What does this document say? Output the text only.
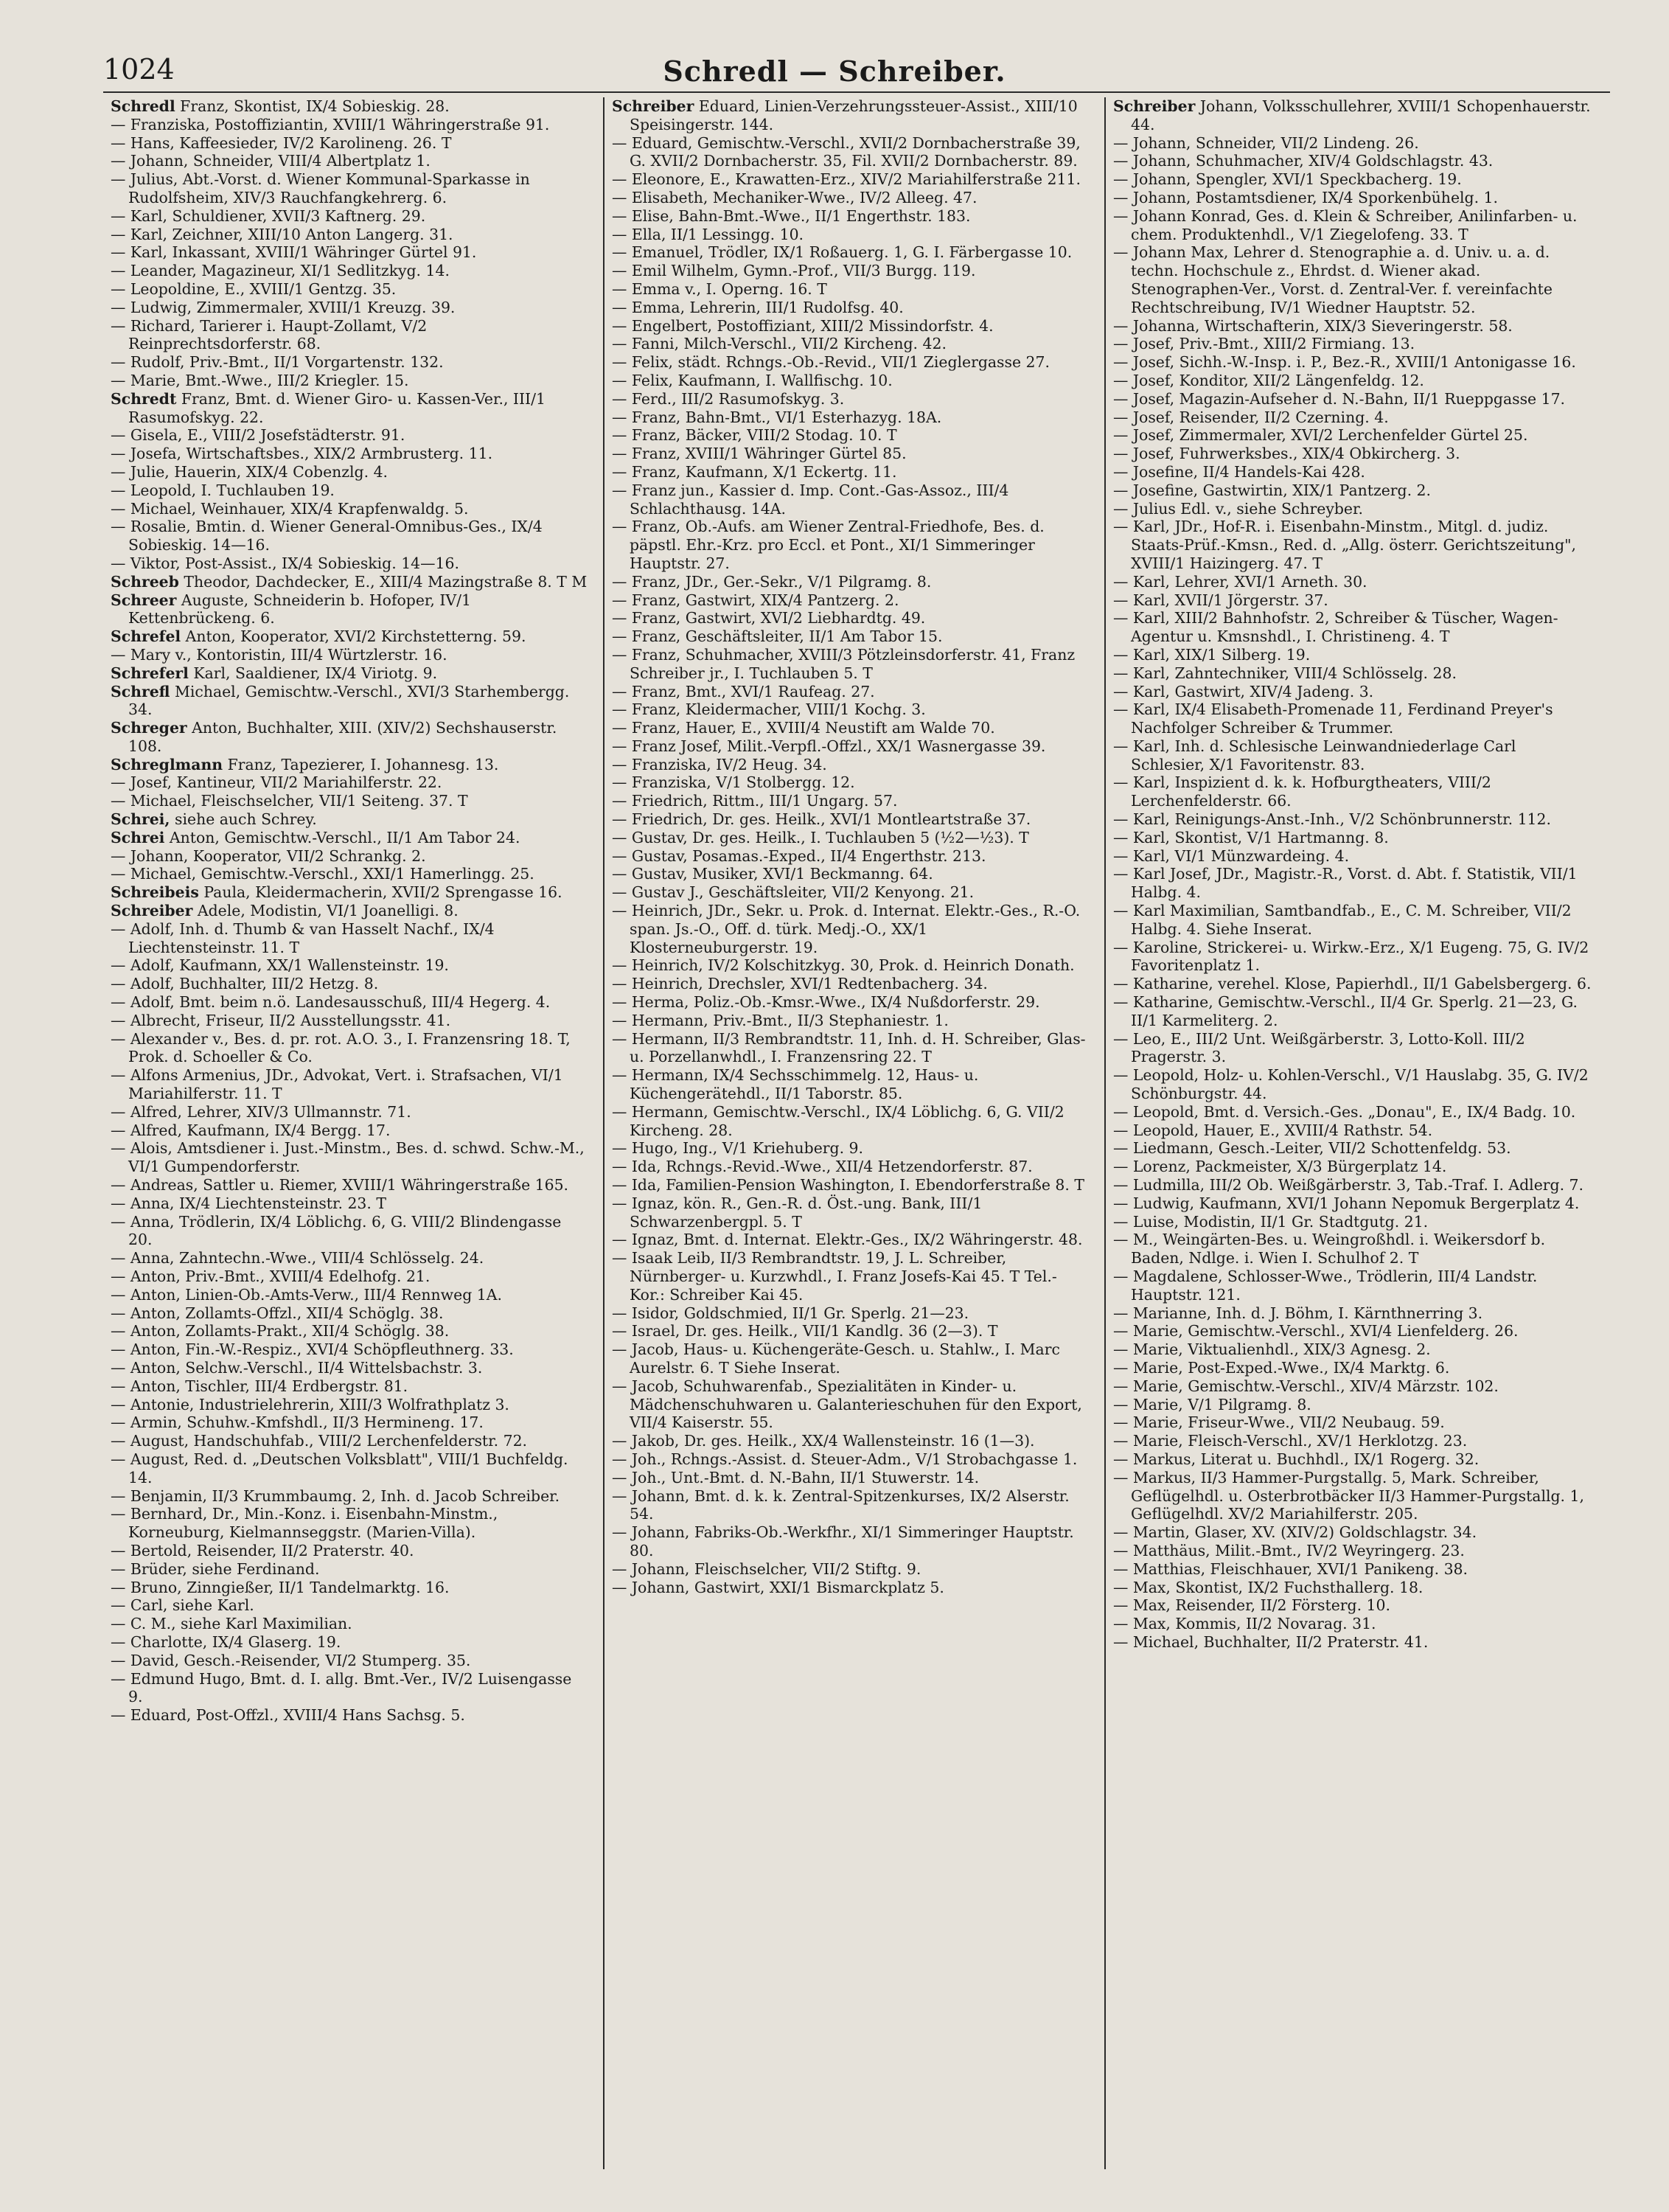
1024	Schredl — Schreiber.

Schredl Franz, Skontist, IX/4 Sobieskig. 28.

— Franziska, Postoffiziantin, XVIII/1 Währingerstraße 91.

— Hans, Kaffeesieder, IV/2 Karolineng. 26. T

— Johann, Schneider, VIII/4 Albertplatz 1.

— Julius, Abt.-Vorst. d. Wiener Kommunal-Sparkasse in Rudolfsheim, XIV/3 Rauchfangkehrerg. 6.

— Karl, Schuldiener, XVII/3 Kaftnerg. 29.

— Karl, Zeichner, XIII/10 Anton Langerg. 31.

— Karl, Inkassant, XVIII/1 Währinger Gürtel 91.

— Leander, Magazineur, XI/1 Sedlitzkyg. 14.

— Leopoldine, E., XVIII/1 Gentzg. 35.

— Ludwig, Zimmermaler, XVIII/1 Kreuzg. 39.

— Richard, Tarierer i. Haupt-Zollamt, V/2 Reinprechtsdorferstr. 68.

— Rudolf, Priv.-Bmt., II/1 Vorgartenstr. 132.

— Marie, Bmt.-Wwe., III/2 Kriegler. 15.

Schredt Franz, Bmt. d. Wiener Giro- u. Kassen-Ver., III/1 Rasumofskyg. 22.

— Gisela, E., VIII/2 Josefstädterstr. 91.

— Josefa, Wirtschaftsbes., XIX/2 Armbrusterg. 11.

— Julie, Hauerin, XIX/4 Cobenzlg. 4.

— Leopold, I. Tuchlauben 19.

— Michael, Weinhauer, XIX/4 Krapfenwaldg. 5.

— Rosalie, Bmtin. d. Wiener General-Omnibus-Ges., IX/4 Sobieskig. 14—16.

— Viktor, Post-Assist., IX/4 Sobieskig. 14—16.

Schreeb Theodor, Dachdecker, E., XIII/4 Mazingstraße 8. T M

Schreer Auguste, Schneiderin b. Hofoper, IV/1 Kettenbrückeng. 6.

Schrefel Anton, Kooperator, XVI/2 Kirchstetterng. 59.

— Mary v., Kontoristin, III/4 Würtzlerstr. 16.

Schreferl Karl, Saaldiener, IX/4 Viriotg. 9.

Schrefl Michael, Gemischtw.-Verschl., XVI/3 Starhembergg. 34.

Schreger Anton, Buchhalter, XIII. (XIV/2) Sechshauserstr. 108.

Schreglmann Franz, Tapezierer, I. Johannesg. 13.

— Josef, Kantineur, VII/2 Mariahilferstr. 22.

— Michael, Fleischselcher, VII/1 Seiteng. 37. T

Schrei, siehe auch Schrey.

Schrei Anton, Gemischtw.-Verschl., II/1 Am Tabor 24.

— Johann, Kooperator, VII/2 Schrankg. 2.

— Michael, Gemischtw.-Verschl., XXI/1 Hamerlingg. 25.

Schreibeis Paula, Kleidermacherin, XVII/2 Sprengasse 16.

Schreiber Adele, Modistin, VI/1 Joanelligi. 8.

— Adolf, Inh. d. Thumb & van Hasselt Nachf., IX/4 Liechtensteinstr. 11. T

— Adolf, Kaufmann, XX/1 Wallensteinstr. 19.

— Adolf, Buchhalter, III/2 Hetzg. 8.

— Adolf, Bmt. beim n.ö. Landesausschuß, III/4 Hegerg. 4.

— Albrecht, Friseur, II/2 Ausstellungsstr. 41.

— Alexander v., Bes. d. pr. rot. A.O. 3., I. Franzensring 18. T, Prok. d. Schoeller & Co.

— Alfons Armenius, JDr., Advokat, Vert. i. Strafsachen, VI/1 Mariahilferstr. 11. T

— Alfred, Lehrer, XIV/3 Ullmannstr. 71.

— Alfred, Kaufmann, IX/4 Bergg. 17.

— Alois, Amtsdiener i. Just.-Minstm., Bes. d. schwd. Schw.-M., VI/1 Gumpendorferstr.

— Andreas, Sattler u. Riemer, XVIII/1 Währingerstraße 165.

— Anna, IX/4 Liechtensteinstr. 23. T

— Anna, Trödlerin, IX/4 Löblichg. 6, G. VIII/2 Blindengasse 20.

— Anna, Zahntechn.-Wwe., VIII/4 Schlösselg. 24.

— Anton, Priv.-Bmt., XVIII/4 Edelhofg. 21.

— Anton, Linien-Ob.-Amts-Verw., III/4 Rennweg 1A.

— Anton, Zollamts-Offzl., XII/4 Schöglg. 38.

— Anton, Zollamts-Prakt., XII/4 Schöglg. 38.

— Anton, Fin.-W.-Respiz., XVI/4 Schöpfleuthnerg. 33.

— Anton, Selchw.-Verschl., II/4 Wittelsbachstr. 3.

— Anton, Tischler, III/4 Erdbergstr. 81.

— Antonie, Industrielehrerin, XIII/3 Wolfrathplatz 3.

— Armin, Schuhw.-Kmfshdl., II/3 Hermineng. 17.

— August, Handschuhfab., VIII/2 Lerchenfelderstr. 72.

— August, Red. d. „Deutschen Volksblatt", VIII/1 Buchfeldg. 14.

— Benjamin, II/3 Krummbaumg. 2, Inh. d. Jacob Schreiber.

— Bernhard, Dr., Min.-Konz. i. Eisenbahn-Minstm., Korneuburg, Kielmannseggstr. (Marien-Villa).

— Bertold, Reisender, II/2 Praterstr. 40.

— Brüder, siehe Ferdinand.

— Bruno, Zinngießer, II/1 Tandelmarktg. 16.

— Carl, siehe Karl.

— C. M., siehe Karl Maximilian.

— Charlotte, IX/4 Glaserg. 19.

— David, Gesch.-Reisender, VI/2 Stumperg. 35.

— Edmund Hugo, Bmt. d. I. allg. Bmt.-Ver., IV/2 Luisengasse 9.

— Eduard, Post-Offzl., XVIII/4 Hans Sachsg. 5.

Schreiber Eduard, Linien-Verzehrungssteuer-Assist., XIII/10 Speisingerstr. 144.

— Eduard, Gemischtw.-Verschl., XVII/2 Dornbacherstraße 39, G. XVII/2 Dornbacherstr. 35, Fil. XVII/2 Dornbacherstr. 89.

— Eleonore, E., Krawatten-Erz., XIV/2 Mariahilferstraße 211.

— Elisabeth, Mechaniker-Wwe., IV/2 Alleeg. 47.

— Elise, Bahn-Bmt.-Wwe., II/1 Engerthstr. 183.

— Ella, II/1 Lessingg. 10.

— Emanuel, Trödler, IX/1 Roßauerg. 1, G. I. Färbergasse 10.

— Emil Wilhelm, Gymn.-Prof., VII/3 Burgg. 119.

— Emma v., I. Operng. 16. T

— Emma, Lehrerin, III/1 Rudolfsg. 40.

— Engelbert, Postoffiziant, XIII/2 Missindorfstr. 4.

— Fanni, Milch-Verschl., VII/2 Kircheng. 42.

— Felix, städt. Rchngs.-Ob.-Revid., VII/1 Zieglergasse 27.

— Felix, Kaufmann, I. Wallfischg. 10.

— Ferd., III/2 Rasumofskyg. 3.

— Franz, Bahn-Bmt., VI/1 Esterhazyg. 18A.

— Franz, Bäcker, VIII/2 Stodag. 10. T

— Franz, XVIII/1 Währinger Gürtel 85.

— Franz, Kaufmann, X/1 Eckertg. 11.

— Franz jun., Kassier d. Imp. Cont.-Gas-Assoz., III/4 Schlachthausg. 14A.

— Franz, Ob.-Aufs. am Wiener Zentral-Friedhofe, Bes. d. päpstl. Ehr.-Krz. pro Eccl. et Pont., XI/1 Simmeringer Hauptstr. 27.

— Franz, JDr., Ger.-Sekr., V/1 Pilgramg. 8.

— Franz, Gastwirt, XIX/4 Pantzerg. 2.

— Franz, Gastwirt, XVI/2 Liebhardtg. 49.

— Franz, Geschäftsleiter, II/1 Am Tabor 15.

— Franz, Schuhmacher, XVIII/3 Pötzleinsdorferstr. 41, Franz Schreiber jr., I. Tuchlauben 5. T

— Franz, Bmt., XVI/1 Raufeag. 27.

— Franz, Kleidermacher, VIII/1 Kochg. 3.

— Franz, Hauer, E., XVIII/4 Neustift am Walde 70.

— Franz Josef, Milit.-Verpfl.-Offzl., XX/1 Wasnergasse 39.

— Franziska, IV/2 Heug. 34.

— Franziska, V/1 Stolbergg. 12.

— Friedrich, Rittm., III/1 Ungarg. 57.

— Friedrich, Dr. ges. Heilk., XVI/1 Montleartstraße 37.

— Gustav, Dr. ges. Heilk., I. Tuchlauben 5 (½2—½3). T

— Gustav, Posamas.-Exped., II/4 Engerthstr. 213.

— Gustav, Musiker, XVI/1 Beckmanng. 64.

— Gustav J., Geschäftsleiter, VII/2 Kenyong. 21.

— Heinrich, JDr., Sekr. u. Prok. d. Internat. Elektr.-Ges., R.-O. span. Js.-O., Off. d. türk. Medj.-O., XX/1 Klosterneuburgerstr. 19.

— Heinrich, IV/2 Kolschitzkyg. 30, Prok. d. Heinrich Donath.

— Heinrich, Drechsler, XVI/1 Redtenbacherg. 34.

— Herma, Poliz.-Ob.-Kmsr.-Wwe., IX/4 Nußdorferstr. 29.

— Hermann, Priv.-Bmt., II/3 Stephaniestr. 1.

— Hermann, II/3 Rembrandtstr. 11, Inh. d. H. Schreiber, Glas- u. Porzellanwhdl., I. Franzensring 22. T

— Hermann, IX/4 Sechsschimmelg. 12, Haus- u. Küchengerätehdl., II/1 Taborstr. 85.

— Hermann, Gemischtw.-Verschl., IX/4 Löblichg. 6, G. VII/2 Kircheng. 28.

— Hugo, Ing., V/1 Kriehuberg. 9.

— Ida, Rchngs.-Revid.-Wwe., XII/4 Hetzendorferstr. 87.

— Ida, Familien-Pension Washington, I. Ebendorferstraße 8. T

— Ignaz, kön. R., Gen.-R. d. Öst.-ung. Bank, III/1 Schwarzenbergpl. 5. T

— Ignaz, Bmt. d. Internat. Elektr.-Ges., IX/2 Währingerstr. 48.

— Isaak Leib, II/3 Rembrandtstr. 19, J. L. Schreiber, Nürnberger- u. Kurzwhdl., I. Franz Josefs-Kai 45. T Tel.-Kor.: Schreiber Kai 45.

— Isidor, Goldschmied, II/1 Gr. Sperlg. 21—23.

— Israel, Dr. ges. Heilk., VII/1 Kandlg. 36 (2—3). T

— Jacob, Haus- u. Küchengeräte-Gesch. u. Stahlw., I. Marc Aurelstr. 6. T Siehe Inserat.

— Jacob, Schuhwarenfab., Spezialitäten in Kinder- u. Mädchenschuhwaren u. Galanterieschuhen für den Export, VII/4 Kaiserstr. 55.

— Jakob, Dr. ges. Heilk., XX/4 Wallensteinstr. 16 (1—3).

— Joh., Rchngs.-Assist. d. Steuer-Adm., V/1 Strobachgasse 1.

— Joh., Unt.-Bmt. d. N.-Bahn, II/1 Stuwerstr. 14.

— Johann, Bmt. d. k. k. Zentral-Spitzenkurses, IX/2 Alserstr. 54.

— Johann, Fabriks-Ob.-Werkfhr., XI/1 Simmeringer Hauptstr. 80.

— Johann, Fleischselcher, VII/2 Stiftg. 9.

— Johann, Gastwirt, XXI/1 Bismarckplatz 5.

Schreiber Johann, Volksschullehrer, XVIII/1 Schopenhauerstr. 44.

— Johann, Schneider, VII/2 Lindeng. 26.

— Johann, Schuhmacher, XIV/4 Goldschlagstr. 43.

— Johann, Spengler, XVI/1 Speckbacherg. 19.

— Johann, Postamtsdiener, IX/4 Sporkenbühelg. 1.

— Johann Konrad, Ges. d. Klein & Schreiber, Anilinfarben- u. chem. Produktenhdl., V/1 Ziegelofeng. 33. T

— Johann Max, Lehrer d. Stenographie a. d. Univ. u. a. d. techn. Hochschule z., Ehrdst. d. Wiener akad. Stenographen-Ver., Vorst. d. Zentral-Ver. f. vereinfachte Rechtschreibung, IV/1 Wiedner Hauptstr. 52.

— Johanna, Wirtschafterin, XIX/3 Sieveringerstr. 58.

— Josef, Priv.-Bmt., XIII/2 Firmiang. 13.

— Josef, Sichh.-W.-Insp. i. P., Bez.-R., XVIII/1 Antonigasse 16.

— Josef, Konditor, XII/2 Längenfeldg. 12.

— Josef, Magazin-Aufseher d. N.-Bahn, II/1 Rueppgasse 17.

— Josef, Reisender, II/2 Czerning. 4.

— Josef, Zimmermaler, XVI/2 Lerchenfelder Gürtel 25.

— Josef, Fuhrwerksbes., XIX/4 Obkircherg. 3.

— Josefine, II/4 Handels-Kai 428.

— Josefine, Gastwirtin, XIX/1 Pantzerg. 2.

— Julius Edl. v., siehe Schreyber.

— Karl, JDr., Hof-R. i. Eisenbahn-Minstm., Mitgl. d. judiz. Staats-Prüf.-Kmsn., Red. d. „Allg. österr. Gerichtszeitung", XVIII/1 Haizingerg. 47. T

— Karl, Lehrer, XVI/1 Arneth. 30.

— Karl, XVII/1 Jörgerstr. 37.

— Karl, XIII/2 Bahnhofstr. 2, Schreiber & Tüscher, Wagen-Agentur u. Kmsnshdl., I. Christineng. 4. T

— Karl, XIX/1 Silberg. 19.

— Karl, Zahntechniker, VIII/4 Schlösselg. 28.

— Karl, Gastwirt, XIV/4 Jadeng. 3.

— Karl, IX/4 Elisabeth-Promenade 11, Ferdinand Preyer's Nachfolger Schreiber & Trummer.

— Karl, Inh. d. Schlesische Leinwandniederlage Carl Schlesier, X/1 Favoritenstr. 83.

— Karl, Inspizient d. k. k. Hofburgtheaters, VIII/2 Lerchenfelderstr. 66.

— Karl, Reinigungs-Anst.-Inh., V/2 Schönbrunnerstr. 112.

— Karl, Skontist, V/1 Hartmanng. 8.

— Karl, VI/1 Münzwardeing. 4.

— Karl Josef, JDr., Magistr.-R., Vorst. d. Abt. f. Statistik, VII/1 Halbg. 4.

— Karl Maximilian, Samtbandfab., E., C. M. Schreiber, VII/2 Halbg. 4. Siehe Inserat.

— Karoline, Strickerei- u. Wirkw.-Erz., X/1 Eugeng. 75, G. IV/2 Favoritenplatz 1.

— Katharine, verehel. Klose, Papierhdl., II/1 Gabelsbergerg. 6.

— Katharine, Gemischtw.-Verschl., II/4 Gr. Sperlg. 21—23, G. II/1 Karmeliterg. 2.

— Leo, E., III/2 Unt. Weißgärberstr. 3, Lotto-Koll. III/2 Pragerstr. 3.

— Leopold, Holz- u. Kohlen-Verschl., V/1 Hauslabg. 35, G. IV/2 Schönburgstr. 44.

— Leopold, Bmt. d. Versich.-Ges. „Donau", E., IX/4 Badg. 10.

— Leopold, Hauer, E., XVIII/4 Rathstr. 54.

— Liedmann, Gesch.-Leiter, VII/2 Schottenfeldg. 53.

— Lorenz, Packmeister, X/3 Bürgerplatz 14.

— Ludmilla, III/2 Ob. Weißgärberstr. 3, Tab.-Traf. I. Adlerg. 7.

— Ludwig, Kaufmann, XVI/1 Johann Nepomuk Bergerplatz 4.

— Luise, Modistin, II/1 Gr. Stadtgutg. 21.

— M., Weingärten-Bes. u. Weingroßhdl. i. Weikersdorf b. Baden, Ndlge. i. Wien I. Schulhof 2. T

— Magdalene, Schlosser-Wwe., Trödlerin, III/4 Landstr. Hauptstr. 121.

— Marianne, Inh. d. J. Böhm, I. Kärnthnerring 3.

— Marie, Gemischtw.-Verschl., XVI/4 Lienfelderg. 26.

— Marie, Viktualienhdl., XIX/3 Agnesg. 2.

— Marie, Post-Exped.-Wwe., IX/4 Marktg. 6.

— Marie, Gemischtw.-Verschl., XIV/4 Märzstr. 102.

— Marie, V/1 Pilgramg. 8.

— Marie, Friseur-Wwe., VII/2 Neubaug. 59.

— Marie, Fleisch-Verschl., XV/1 Herklotzg. 23.

— Markus, Literat u. Buchhdl., IX/1 Rogerg. 32.

— Markus, II/3 Hammer-Purgstallg. 5, Mark. Schreiber, Geflügelhdl. u. Osterbrotbäcker II/3 Hammer-Purgstallg. 1, Geflügelhdl. XV/2 Mariahilferstr. 205.

— Martin, Glaser, XV. (XIV/2) Goldschlagstr. 34.

— Matthäus, Milit.-Bmt., IV/2 Weyringerg. 23.

— Matthias, Fleischhauer, XVI/1 Panikeng. 38.

— Max, Skontist, IX/2 Fuchsthallerg. 18.

— Max, Reisender, II/2 Försterg. 10.

— Max, Kommis, II/2 Novarag. 31.

— Michael, Buchhalter, II/2 Praterstr. 41.
